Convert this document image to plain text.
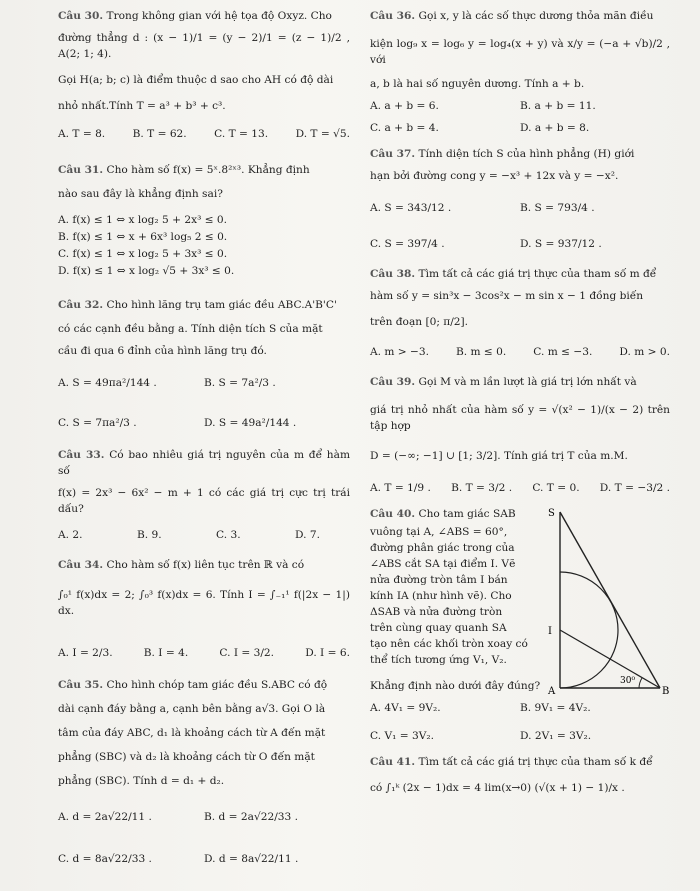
Câu 30. Trong không gian với hệ tọa độ Oxyz. Cho
đường thẳng d : (x − 1)/1 = (y − 2)/1 = (z − 1)/2 , A(2; 1; 4).
Gọi H(a; b; c) là điểm thuộc d sao cho AH có độ dài
nhỏ nhất.Tính T = a³ + b³ + c³.
A. T = 8.	B. T = 62.	C. T = 13.	D. T = √5.
Câu 31. Cho hàm số f(x) = 5ˣ.8²ˣ³. Khẳng định
nào sau đây là khẳng định sai?
A. f(x) ≤ 1 ⇔ x log₂ 5 + 2x³ ≤ 0.
B. f(x) ≤ 1 ⇔ x + 6x³ log₅ 2 ≤ 0.
C. f(x) ≤ 1 ⇔ x log₂ 5 + 3x³ ≤ 0.
D. f(x) ≤ 1 ⇔ x log₂ √5 + 3x³ ≤ 0.
Câu 32. Cho hình lăng trụ tam giác đều ABC.A'B'C'
có các cạnh đều bằng a. Tính diện tích S của mặt
cầu đi qua 6 đỉnh của hình lăng trụ đó.
A. S = 49πa²/144 .	B. S = 7a²/3 .
C. S = 7πa²/3 .	D. S = 49a²/144 .
Câu 33. Có bao nhiêu giá trị nguyên của m để hàm số
f(x) = 2x³ − 6x² − m + 1 có các giá trị cực trị trái dấu?
A. 2.	B. 9.	C. 3.	D. 7.
Câu 34. Cho hàm số f(x) liên tục trên ℝ và có
∫₀¹ f(x)dx = 2; ∫₀³ f(x)dx = 6. Tính I = ∫₋₁¹ f(|2x − 1|) dx.
A. I = 2/3.	B. I = 4.	C. I = 3/2.	D. I = 6.
Câu 35. Cho hình chóp tam giác đều S.ABC có độ
dài cạnh đáy bằng a, cạnh bên bằng a√3. Gọi O là
tâm của đáy ABC, d₁ là khoảng cách từ A đến mặt
phẳng (SBC) và d₂ là khoảng cách từ O đến mặt
phẳng (SBC). Tính d = d₁ + d₂.
A. d = 2a√22/11 .	B. d = 2a√22/33 .
C. d = 8a√22/33 .	D. d = 8a√22/11 .
Câu 36. Gọi x, y là các số thực dương thỏa mãn điều
kiện log₉ x = log₆ y = log₄(x + y) và x/y = (−a + √b)/2 , với
a, b là hai số nguyên dương. Tính a + b.
A. a + b = 6.	B. a + b = 11.
C. a + b = 4.	D. a + b = 8.
Câu 37. Tính diện tích S của hình phẳng (H) giới
hạn bởi đường cong y = −x³ + 12x và y = −x².
A. S = 343/12 .	B. S = 793/4 .
C. S = 397/4 .	D. S = 937/12 .
Câu 38. Tìm tất cả các giá trị thực của tham số m để
hàm số y = sin³x − 3cos²x − m sin x − 1 đồng biến
trên đoạn [0; π/2].
A. m > −3.	B. m ≤ 0.	C. m ≤ −3.	D. m > 0.
Câu 39. Gọi M và m lần lượt là giá trị lớn nhất và
giá trị nhỏ nhất của hàm số y = √(x² − 1)/(x − 2) trên tập hợp
D = (−∞; −1] ∪ [1; 3/2]. Tính giá trị T của m.M.
A. T = 1/9 . B. T = 3/2 . C. T = 0. D. T = −3/2 .
Câu 40. Cho tam giác SAB
vuông tại A, ∠ABS = 60°,
đường phân giác trong của
∠ABS cắt SA tại điểm I. Vẽ
nửa đường tròn tâm I bán
kính IA (như hình vẽ). Cho
ΔSAB và nửa đường tròn
trên cùng quay quanh SA
tạo nên các khối tròn xoay có
thể tích tương ứng V₁, V₂.
S
I
A	B
30⁰
Khẳng định nào dưới đây đúng?
A. 4V₁ = 9V₂.	B. 9V₁ = 4V₂.
C. V₁ = 3V₂.	D. 2V₁ = 3V₂.
Câu 41. Tìm tất cả các giá trị thực của tham số k để
có ∫₁ᵏ (2x − 1)dx = 4 lim(x→0) (√(x + 1) − 1)/x .
